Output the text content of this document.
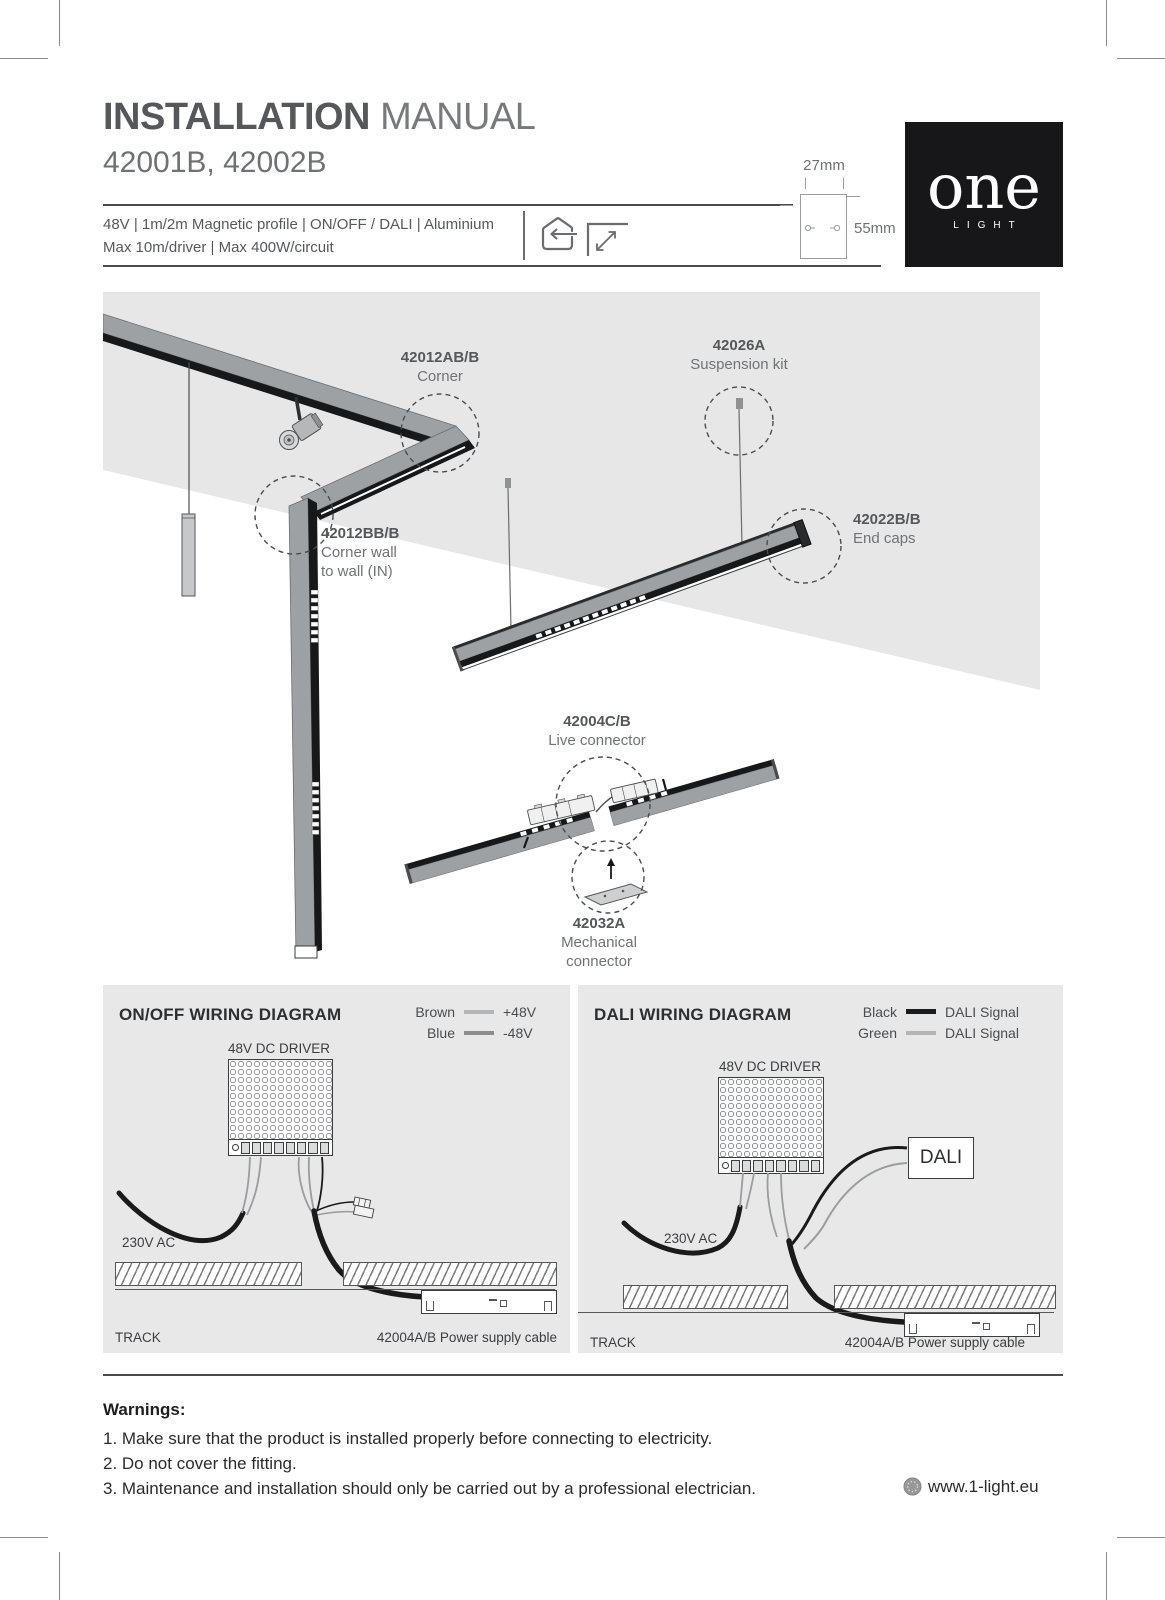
INSTALLATION MANUAL
42001B, 42002B
48V | 1m/2m Magnetic profile | ON/OFF / DALI | Aluminium
Max 10m/driver | Max 400W/circuit
27mm
55mm
one
LIGHT
42012AB/B
Corner
42026A
Suspension kit
42012BB/B
Corner wall
to wall (IN)
42022B/B
End caps
42004C/B
Live connector
42032A
Mechanical
connector
ON/OFF WIRING DIAGRAM	Brown	+48V
Blue	-48V
48V DC DRIVER
230V AC
TRACK	42004A/B Power supply cable
DALI WIRING DIAGRAM	Black	DALI Signal
Green	DALI Signal
48V DC DRIVER
DALI
230V AC
TRACK	42004A/B Power supply cable
Warnings:
1. Make sure that the product is installed properly before connecting to electricity.
2. Do not cover the fitting.
3. Maintenance and installation should only be carried out by a professional electrician.	www.1-light.eu
